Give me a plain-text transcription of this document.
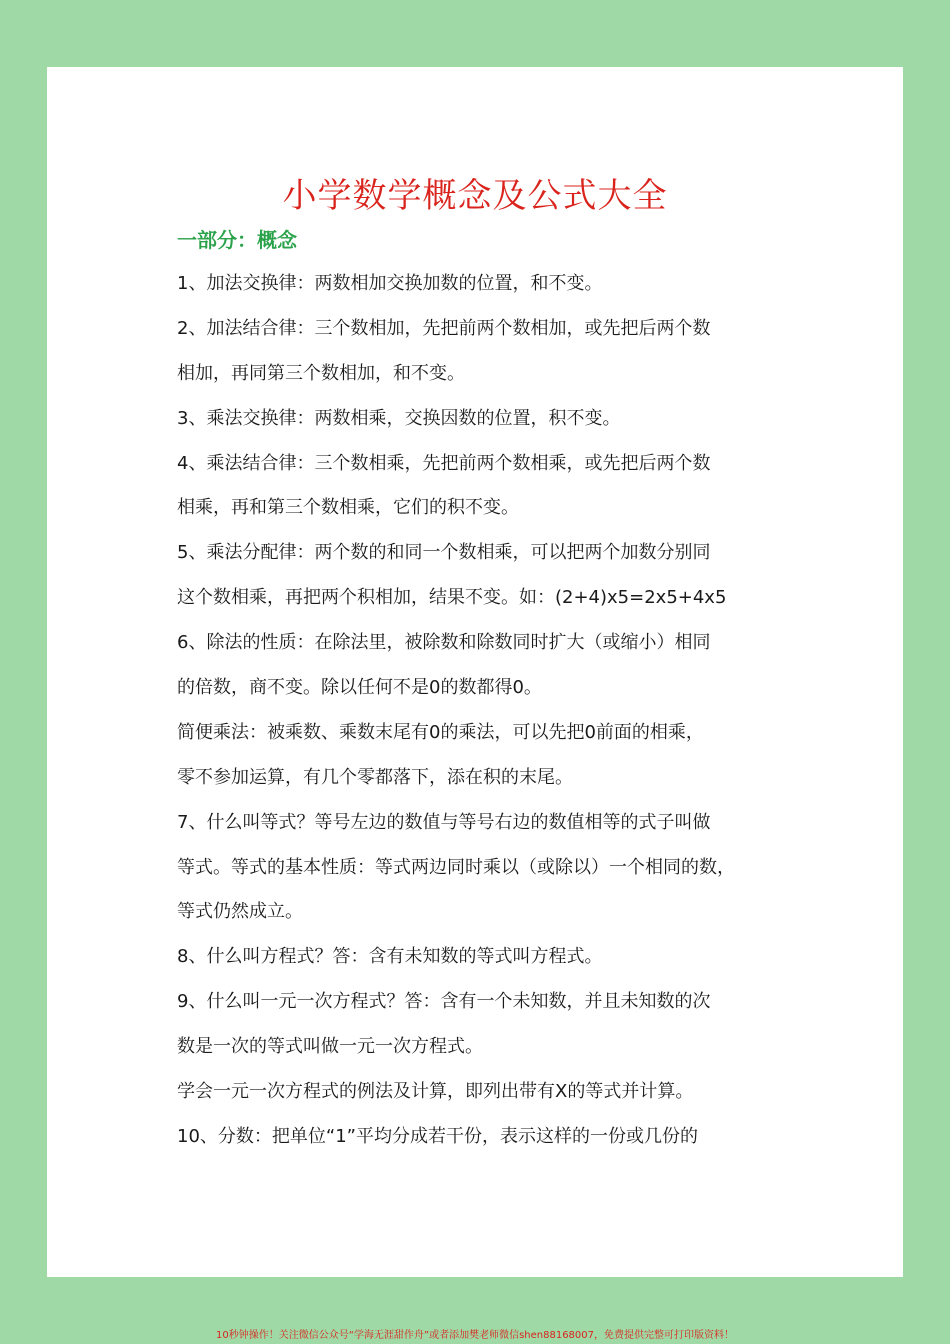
小学数学概念及公式大全
一部分：概念
1、加法交换律：两数相加交换加数的位置，和不变。
2、加法结合律：三个数相加，先把前两个数相加，或先把后两个数
相加，再同第三个数相加，和不变。
3、乘法交换律：两数相乘，交换因数的位置，积不变。
4、乘法结合律：三个数相乘，先把前两个数相乘，或先把后两个数
相乘，再和第三个数相乘，它们的积不变。
5、乘法分配律：两个数的和同一个数相乘，可以把两个加数分别同
这个数相乘，再把两个积相加，结果不变。如：(2+4)x5=2x5+4x5
6、除法的性质：在除法里，被除数和除数同时扩大（或缩小）相同
的倍数，商不变。除以任何不是0的数都得0。
简便乘法：被乘数、乘数末尾有0的乘法，可以先把0前面的相乘，
零不参加运算，有几个零都落下，添在积的末尾。
7、什么叫等式？等号左边的数值与等号右边的数值相等的式子叫做
等式。等式的基本性质：等式两边同时乘以（或除以）一个相同的数，
等式仍然成立。
8、什么叫方程式？答：含有未知数的等式叫方程式。
9、什么叫一元一次方程式？答：含有一个未知数，并且未知数的次
数是一次的等式叫做一元一次方程式。
学会一元一次方程式的例法及计算，即列出带有X的等式并计算。
10、分数：把单位“1”平均分成若干份，表示这样的一份或几份的
10秒钟操作！关注微信公众号“学海无涯甜作舟”或者添加樊老师微信shen88168007，免费提供完整可打印版资料！
